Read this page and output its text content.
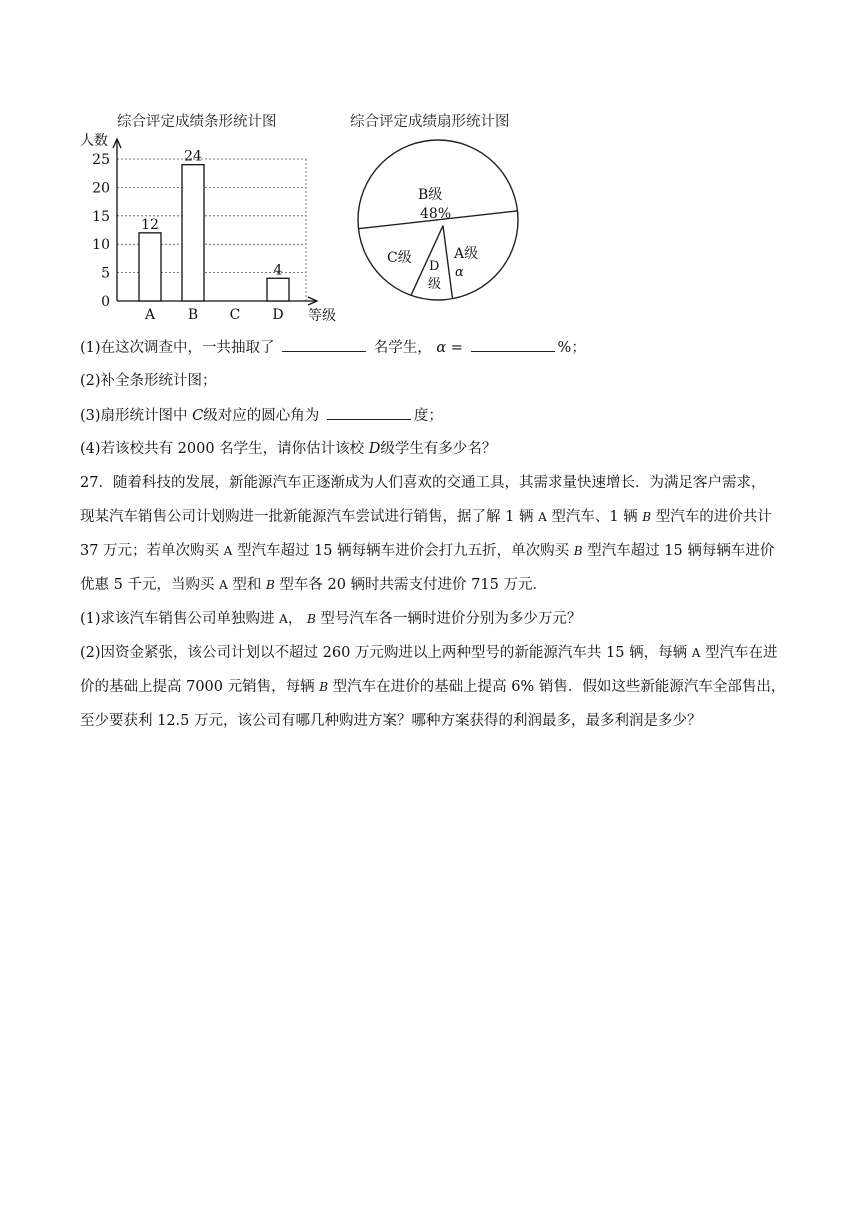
综合评定成绩条形统计图	综合评定成绩扇形统计图
人数
等级
12
24
4
0
5
10
15
20
25
A B C D
B级
48%
C级
D
级
A级
α
(1)在这次调查中，一共抽取了	名学生， α =	%；
(2)补全条形统计图；
(3)扇形统计图中 C级对应的圆心角为	度；
(4)若该校共有 2000 名学生，请你估计该校 D级学生有多少名？
27．随着科技的发展，新能源汽车正逐渐成为人们喜欢的交通工具，其需求量快速增长．为满足客户需求，
现某汽车销售公司计划购进一批新能源汽车尝试进行销售，据了解 1 辆 A 型汽车、1 辆 B 型汽车的进价共计
37 万元；若单次购买 A 型汽车超过 15 辆每辆车进价会打九五折，单次购买 B 型汽车超过 15 辆每辆车进价
优惠 5 千元，当购买 A 型和 B 型车各 20 辆时共需支付进价 715 万元．
(1)求该汽车销售公司单独购进 A， B 型号汽车各一辆时进价分别为多少万元？
(2)因资金紧张，该公司计划以不超过 260 万元购进以上两种型号的新能源汽车共 15 辆，每辆 A 型汽车在进
价的基础上提高 7000 元销售，每辆 B 型汽车在进价的基础上提高 6% 销售．假如这些新能源汽车全部售出，
至少要获利 12.5 万元，该公司有哪几种购进方案？哪种方案获得的利润最多，最多利润是多少？
